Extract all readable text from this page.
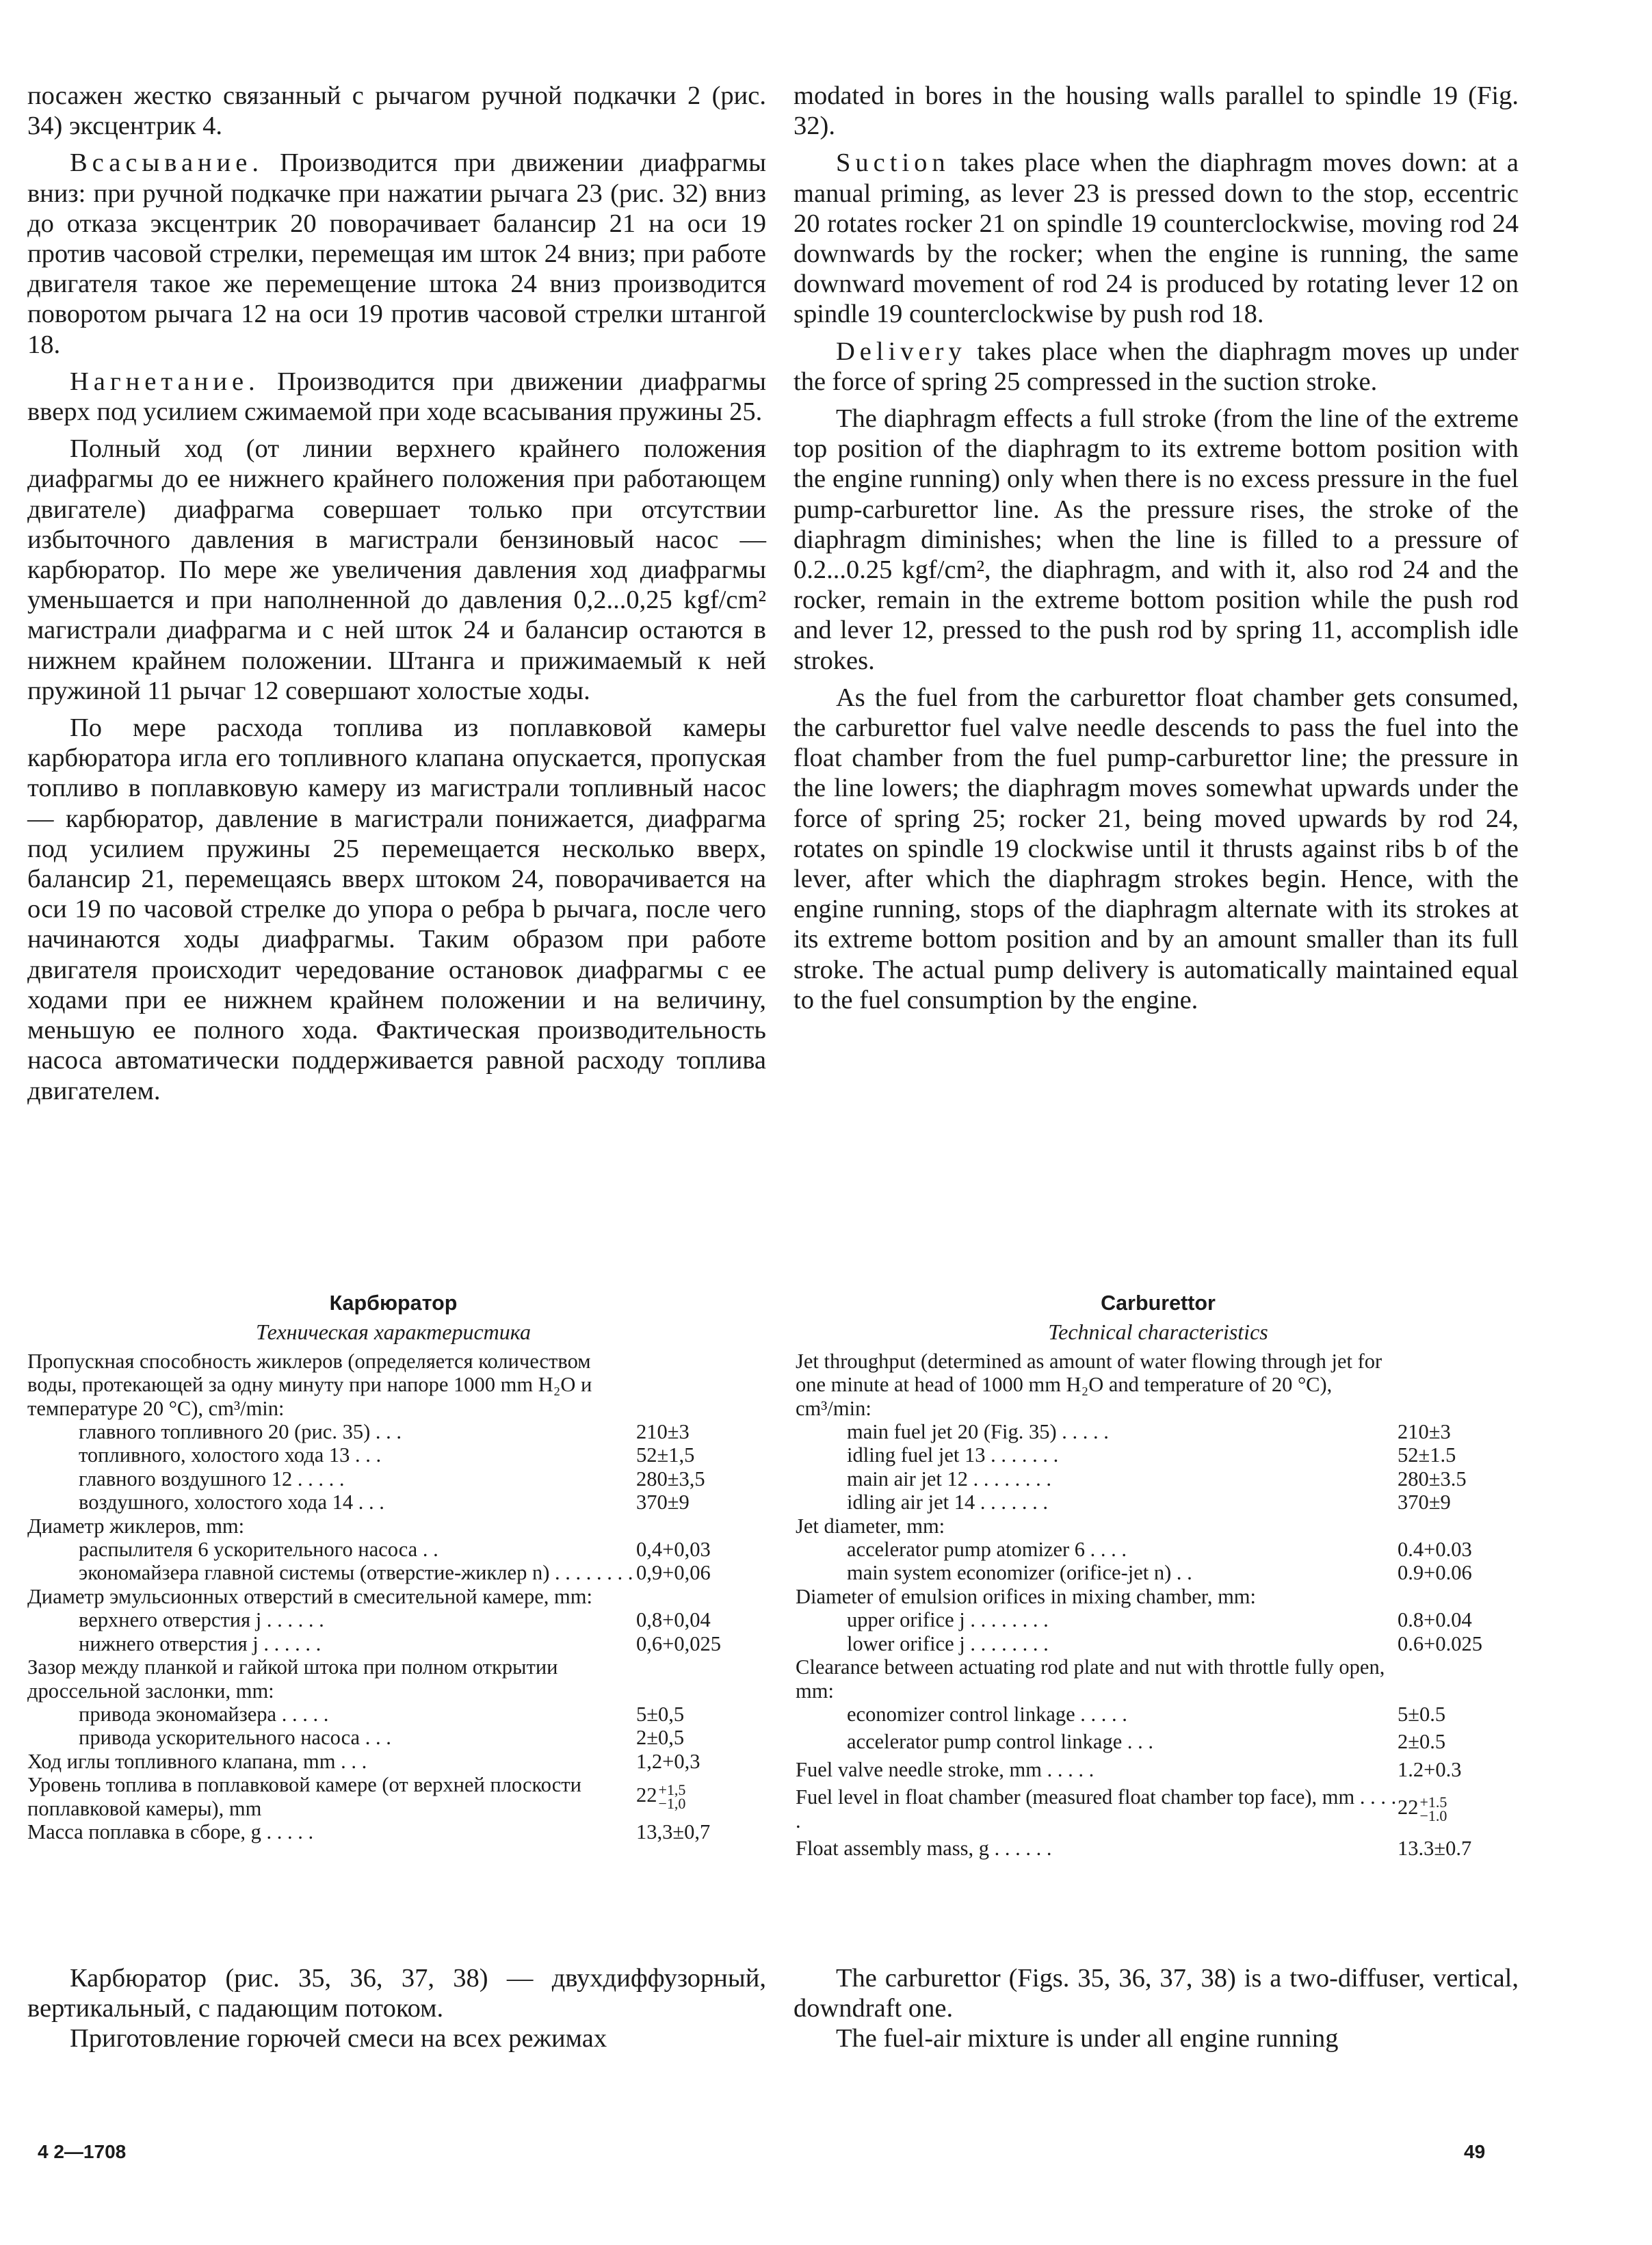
посажен жестко связанный с рычагом ручной подкачки 2 (рис. 34) эксцентрик 4.

Всасывание. Производится при движении диафрагмы вниз: при ручной подкачке при нажатии рычага 23 (рис. 32) вниз до отказа эксцентрик 20 поворачивает балансир 21 на оси 19 против часовой стрелки, перемещая им шток 24 вниз; при работе двигателя такое же перемещение штока 24 вниз производится поворотом рычага 12 на оси 19 против часовой стрелки штангой 18.

Нагнетание. Производится при движении диафрагмы вверх под усилием сжимаемой при ходе всасывания пружины 25.

Полный ход (от линии верхнего крайнего положения диафрагмы до ее нижнего крайнего положения при работающем двигателе) диафрагма совершает только при отсутствии избыточного давления в магистрали бензиновый насос — карбюратор. По мере же увеличения давления ход диафрагмы уменьшается и при наполненной до давления 0,2...0,25 kgf/cm² магистрали диафрагма и с ней шток 24 и балансир остаются в нижнем крайнем положении. Штанга и прижимаемый к ней пружиной 11 рычаг 12 совершают холостые ходы.

По мере расхода топлива из поплавковой камеры карбюратора игла его топливного клапана опускается, пропуская топливо в поплавковую камеру из магистрали топливный насос — карбюратор, давление в магистрали понижается, диафрагма под усилием пружины 25 перемещается несколько вверх, балансир 21, перемещаясь вверх штоком 24, поворачивается на оси 19 по часовой стрелке до упора о ребра b рычага, после чего начинаются ходы диафрагмы. Таким образом при работе двигателя происходит чередование остановок диафрагмы с ее ходами при ее нижнем крайнем положении и на величину, меньшую ее полного хода. Фактическая производительность насоса автоматически поддерживается равной расходу топлива двигателем.

modated in bores in the housing walls parallel to spindle 19 (Fig. 32).

Suction takes place when the diaphragm moves down: at a manual priming, as lever 23 is pressed down to the stop, eccentric 20 rotates rocker 21 on spindle 19 counterclockwise, moving rod 24 downwards by the rocker; when the engine is running, the same downward movement of rod 24 is produced by rotating lever 12 on spindle 19 counterclockwise by push rod 18.

Delivery takes place when the diaphragm moves up under the force of spring 25 compressed in the suction stroke.

The diaphragm effects a full stroke (from the line of the extreme top position of the diaphragm to its extreme bottom position with the engine running) only when there is no excess pressure in the fuel pump-carburettor line. As the pressure rises, the stroke of the diaphragm diminishes; when the line is filled to a pressure of 0.2...0.25 kgf/cm², the diaphragm, and with it, also rod 24 and the rocker, remain in the extreme bottom position while the push rod and lever 12, pressed to the push rod by spring 11, accomplish idle strokes.

As the fuel from the carburettor float chamber gets consumed, the carburettor fuel valve needle descends to pass the fuel into the float chamber from the fuel pump-carburettor line; the pressure in the line lowers; the diaphragm moves somewhat upwards under the force of spring 25; rocker 21, being moved upwards by rod 24, rotates on spindle 19 clockwise until it thrusts against ribs b of the lever, after which the diaphragm strokes begin. Hence, with the engine running, stops of the diaphragm alternate with its strokes at its extreme bottom position and by an amount smaller than its full stroke. The actual pump delivery is automatically maintained equal to the fuel consumption by the engine.

Карбюратор
Техническая характеристика
Пропускная способность жиклеров (определяется количеством воды, протекающей за одну минуту при напоре 1000 mm H₂O и температуре 20 °C), cm³/min:
главного топливного 20 (рис. 35) . . .	210±3
топливного, холостого хода 13 . . .	52±1,5
главного воздушного 12 . . . . .	280±3,5
воздушного, холостого хода 14 . . .	370±9
Диаметр жиклеров, mm:
распылителя 6 ускорительного насоса . .	0,4+0,03
экономайзера главной системы (отверстие-жиклер n) . . . . . . . . 0,9+0,06
Диаметр эмульсионных отверстий в смесительной камере, mm:
верхнего отверстия j . . . . . .	0,8+0,04
нижнего отверстия j . . . . . .	0,6+0,025
Зазор между планкой и гайкой штока при полном открытии дроссельной заслонки, mm:
привода экономайзера . . . . .	5±0,5
привода ускорительного насоса . . .	2±0,5
Ход иглы топливного клапана, mm . . .	1,2+0,3
Уровень топлива в поплавковой камере (от верхней плоскости поплавковой камеры), mm
22 +1,5
−1,0
Масса поплавка в сборе, g . . . . .	13,3±0,7
Carburettor
Technical characteristics
Jet throughput (determined as amount of water flowing through jet for one minute at head of 1000 mm H₂O and temperature of 20 °C), cm³/min:
main fuel jet 20 (Fig. 35) . . . . .	210±3
idling fuel jet 13 . . . . . . .	52±1.5
main air jet 12 . . . . . . . .	280±3.5
idling air jet 14 . . . . . . .	370±9
Jet diameter, mm:
accelerator pump atomizer 6 . . . .	0.4+0.03
main system economizer (orifice-jet n) . .	0.9+0.06
Diameter of emulsion orifices in mixing chamber, mm:
upper orifice j . . . . . . . .	0.8+0.04
lower orifice j . . . . . . . .	0.6+0.025
Clearance between actuating rod plate and nut with throttle fully open, mm:
economizer control linkage . . . . .	5±0.5
accelerator pump control linkage . . .	2±0.5
Fuel valve needle stroke, mm . . . . .	1.2+0.3
Fuel level in float chamber (measured float chamber top face), mm . . . . .
22 +1.5
−1.0
Float assembly mass, g . . . . . .	13.3±0.7

Карбюратор (рис. 35, 36, 37, 38) — двухдиффузорный, вертикальный, с падающим потоком.

Приготовление горючей смеси на всех режимах

The carburettor (Figs. 35, 36, 37, 38) is a two-diffuser, vertical, downdraft one.

The fuel-air mixture is under all engine running

4 2—1708	49
